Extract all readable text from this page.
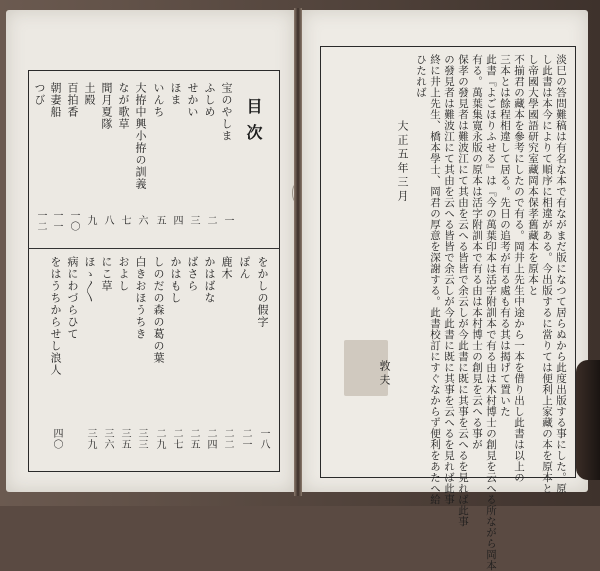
目次
宝のやしま
ふしめ
せかい
ほま
いんち
大拵中興小拵の訓義
なが歌草
間月夏隊
土殿
百拍香
朝妻船
つび
一
二
三
四
五
六
七
八
九
一〇
一一
一二
をかしの假字
ぽん
鹿木
かはばな
ばさら
かはもし
しのだの森の葛の葉
白きおほうちき
およし
にこ草
ほゝ〳〵
病にわづらひて
をはうちからせし浪人
一八
二一
二二
二四
二五
二七
二九
三三
三五
三六
三九
四〇	淡巳の答問難稿は有名な本で有ながまだ版になつて居らぬから此度出版する事にした。原
し此書は本今によりて順序に相違がある。今出版するに當りては便利上家藏の本を原本と
し帝國大學國語研究室藏岡本保孝舊藏本を原本と
不揃君の藏本を參考にしたので有る。岡井上先生中途から一本を借り出し此書は以上の
三本とは餘程相違して居る。先日の追考が有る處も有る其は揭げて置いた
此書『よごほりふせる』は『今の萬葉印本は活字附訓本で有る由は木村博士の創見を云へる所ながら岡本
有る。萬葉集寛永版の原本は活字附訓本で有る由は本村博士の創見を云へる事が
保孝の發見者は難波江にて其由を云へる皆皆で余云しが今此書に既に其事を云へるを見れば此事
の發見者は難波江にて其由を云へる皆皆で余云しが今此書に既に其事を云へるを見れば此事
終に井上先生、橋本學士、岡君の厚意を深謝する。此書校訂にすぐなからず便利をあたへ給
ひたれば
大正五年三月
敦夫
